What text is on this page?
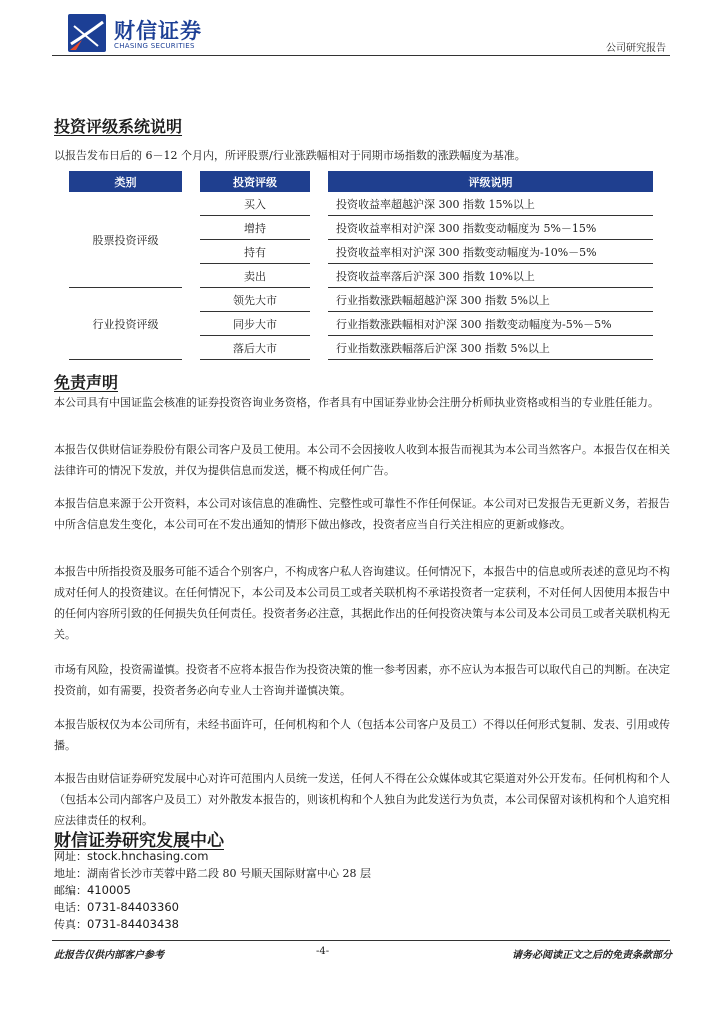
财信证券
CHASING SECURITIES	公司研究报告
投资评级系统说明
以报告发布日后的 6－12 个月内，所评股票/行业涨跌幅相对于同期市场指数的涨跌幅度为基准。
类别		投资评级		评级说明
股票投资评级		买入		投资收益率超越沪深 300 指数 15%以上
		增持		投资收益率相对沪深 300 指数变动幅度为 5%－15%
		持有		投资收益率相对沪深 300 指数变动幅度为-10%－5%
		卖出		投资收益率落后沪深 300 指数 10%以上
行业投资评级		领先大市		行业指数涨跌幅超越沪深 300 指数 5%以上
		同步大市		行业指数涨跌幅相对沪深 300 指数变动幅度为-5%－5%
		落后大市		行业指数涨跌幅落后沪深 300 指数 5%以上
免责声明
本公司具有中国证监会核准的证券投资咨询业务资格，作者具有中国证券业协会注册分析师执业资格或相当的专业胜任能力。
本报告仅供财信证券股份有限公司客户及员工使用。本公司不会因接收人收到本报告而视其为本公司当然客户。本报告仅在相关法律许可的情况下发放，并仅为提供信息而发送，概不构成任何广告。
本报告信息来源于公开资料，本公司对该信息的准确性、完整性或可靠性不作任何保证。本公司对已发报告无更新义务，若报告中所含信息发生变化，本公司可在不发出通知的情形下做出修改，投资者应当自行关注相应的更新或修改。
本报告中所指投资及服务可能不适合个别客户，不构成客户私人咨询建议。任何情况下，本报告中的信息或所表述的意见均不构成对任何人的投资建议。在任何情况下，本公司及本公司员工或者关联机构不承诺投资者一定获利，不对任何人因使用本报告中的任何内容所引致的任何损失负任何责任。投资者务必注意，其据此作出的任何投资决策与本公司及本公司员工或者关联机构无关。
市场有风险，投资需谨慎。投资者不应将本报告作为投资决策的惟一参考因素，亦不应认为本报告可以取代自己的判断。在决定投资前，如有需要，投资者务必向专业人士咨询并谨慎决策。
本报告版权仅为本公司所有，未经书面许可，任何机构和个人（包括本公司客户及员工）不得以任何形式复制、发表、引用或传播。
本报告由财信证券研究发展中心对许可范围内人员统一发送，任何人不得在公众媒体或其它渠道对外公开发布。任何机构和个人（包括本公司内部客户及员工）对外散发本报告的，则该机构和个人独自为此发送行为负责，本公司保留对该机构和个人追究相应法律责任的权利。
财信证券研究发展中心
网址：stock.hnchasing.com
地址：湖南省长沙市芙蓉中路二段 80 号顺天国际财富中心 28 层
邮编：410005
电话：0731-84403360
传真：0731-84403438
此报告仅供内部客户参考	-4-	请务必阅读正文之后的免责条款部分
